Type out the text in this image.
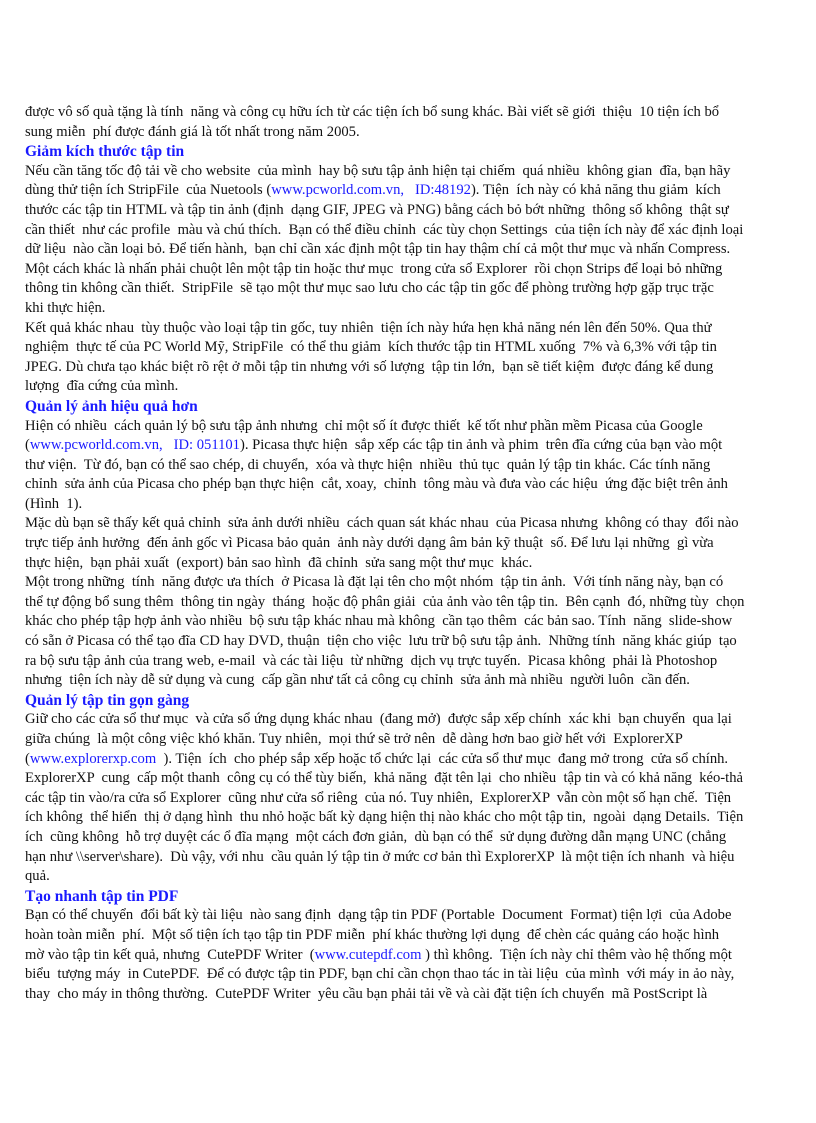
được vô số quà tặng là tính  năng và công cụ hữu ích từ các tiện ích bổ sung khác. Bài viết sẽ giới  thiệu  10 tiện ích bổ
sung miễn  phí được đánh giá là tốt nhất trong năm 2005.
Giảm kích thước tập tin
Nếu cần tăng tốc độ tải về cho website  của mình  hay bộ sưu tập ảnh hiện tại chiếm  quá nhiều  không gian  đĩa, bạn hãy
dùng thử tiện ích StripFile  của Nuetools (www.pcworld.com.vn,   ID:48192). Tiện  ích này có khả năng thu giảm  kích
thước các tập tin HTML và tập tin ảnh (định  dạng GIF, JPEG và PNG) bằng cách bỏ bớt những  thông số không  thật sự
cần thiết  như các profile  màu và chú thích.  Bạn có thể điều chỉnh  các tùy chọn Settings  của tiện ích này để xác định loại
dữ liệu  nào cần loại bỏ. Để tiến hành,  bạn chỉ cần xác định một tập tin hay thậm chí cả một thư mục và nhấn Compress.
Một cách khác là nhấn phải chuột lên một tập tin hoặc thư mục  trong cửa sổ Explorer  rồi chọn Strips để loại bỏ những
thông tin không cần thiết.  StripFile  sẽ tạo một thư mục sao lưu cho các tập tin gốc để phòng trường hợp gặp trục trặc
khi thực hiện.
Kết quả khác nhau  tùy thuộc vào loại tập tin gốc, tuy nhiên  tiện ích này hứa hẹn khả năng nén lên đến 50%. Qua thử
nghiệm  thực tế của PC World Mỹ, StripFile  có thể thu giảm  kích thước tập tin HTML xuống  7% và 6,3% với tập tin
JPEG. Dù chưa tạo khác biệt rõ rệt ở mỗi tập tin nhưng với số lượng  tập tin lớn,  bạn sẽ tiết kiệm  được đáng kể dung
lượng  đĩa cứng của mình.
Quản lý ảnh hiệu quả hơn
Hiện có nhiều  cách quản lý bộ sưu tập ảnh nhưng  chỉ một số ít được thiết  kế tốt như phần mềm Picasa của Google
(www.pcworld.com.vn,   ID: 051101). Picasa thực hiện  sắp xếp các tập tin ảnh và phim  trên đĩa cứng của bạn vào một
thư viện.  Từ đó, bạn có thể sao chép, di chuyển,  xóa và thực hiện  nhiều  thủ tục  quản lý tập tin khác. Các tính năng
chỉnh  sửa ảnh của Picasa cho phép bạn thực hiện  cắt, xoay,  chỉnh  tông màu và đưa vào các hiệu  ứng đặc biệt trên ảnh
(Hình  1).
Mặc dù bạn sẽ thấy kết quả chỉnh  sửa ảnh dưới nhiều  cách quan sát khác nhau  của Picasa nhưng  không có thay  đổi nào
trực tiếp ảnh hưởng  đến ảnh gốc vì Picasa bảo quản  ảnh này dưới dạng âm bản kỹ thuật  số. Để lưu lại những  gì vừa
thực hiện,  bạn phải xuất  (export) bản sao hình  đã chỉnh  sửa sang một thư mục  khác.
Một trong những  tính  năng được ưa thích  ở Picasa là đặt lại tên cho một nhóm  tập tin ảnh.  Với tính năng này, bạn có
thể tự động bổ sung thêm  thông tin ngày  tháng  hoặc độ phân giải  của ảnh vào tên tập tin.  Bên cạnh  đó, những tùy  chọn
khác cho phép tập hợp ảnh vào nhiều  bộ sưu tập khác nhau mà không  cần tạo thêm  các bản sao. Tính  năng  slide-show
có sẵn ở Picasa có thể tạo đĩa CD hay DVD, thuận  tiện cho việc  lưu trữ bộ sưu tập ảnh.  Những tính  năng khác giúp  tạo
ra bộ sưu tập ảnh của trang web, e-mail  và các tài liệu  từ những  dịch vụ trực tuyến.  Picasa không  phải là Photoshop
nhưng  tiện ích này dễ sử dụng và cung  cấp gần như tất cả công cụ chỉnh  sửa ảnh mà nhiều  người luôn  cần đến.
Quản lý tập tin gọn gàng
Giữ cho các cửa sổ thư mục  và cửa sổ ứng dụng khác nhau  (đang mở)  được sắp xếp chính  xác khi  bạn chuyển  qua lại
giữa chúng  là một công việc khó khăn. Tuy nhiên,  mọi thứ sẽ trở nên  dễ dàng hơn bao giờ hết với  ExplorerXP
(www.explorerxp.com  ). Tiện  ích  cho phép sắp xếp hoặc tổ chức lại  các cửa sổ thư mục  đang mở trong  cửa sổ chính.
ExplorerXP  cung  cấp một thanh  công cụ có thể tùy biến,  khả năng  đặt tên lại  cho nhiều  tập tin và có khả năng  kéo-thả
các tập tin vào/ra cửa sổ Explorer  cũng như cửa sổ riêng  của nó. Tuy nhiên,  ExplorerXP  vẫn còn một số hạn chế.  Tiện
ích không  thể hiển  thị ở dạng hình  thu nhỏ hoặc bất kỳ dạng hiện thị nào khác cho một tập tin,  ngoài  dạng Details.  Tiện
ích  cũng không  hỗ trợ duyệt các ổ đĩa mạng  một cách đơn giản,  dù bạn có thể  sử dụng đường dẫn mạng UNC (chẳng
hạn như \\server\share).  Dù vậy, với nhu  cầu quản lý tập tin ở mức cơ bản thì ExplorerXP  là một tiện ích nhanh  và hiệu
quả.
Tạo nhanh tập tin PDF
Bạn có thể chuyển  đổi bất kỳ tài liệu  nào sang định  dạng tập tin PDF (Portable  Document  Format) tiện lợi  của Adobe
hoàn toàn miễn  phí.  Một số tiện ích tạo tập tin PDF miễn  phí khác thường lợi dụng  để chèn các quảng cáo hoặc hình
mờ vào tập tin kết quả, nhưng  CutePDF Writer  (www.cutepdf.com ) thì không.  Tiện ích này chỉ thêm vào hệ thống một
biểu  tượng máy  in CutePDF.  Để có được tập tin PDF, bạn chỉ cần chọn thao tác in tài liệu  của mình  với máy in ảo này,
thay  cho máy in thông thường.  CutePDF Writer  yêu cầu bạn phải tải về và cài đặt tiện ích chuyển  mã PostScript là
